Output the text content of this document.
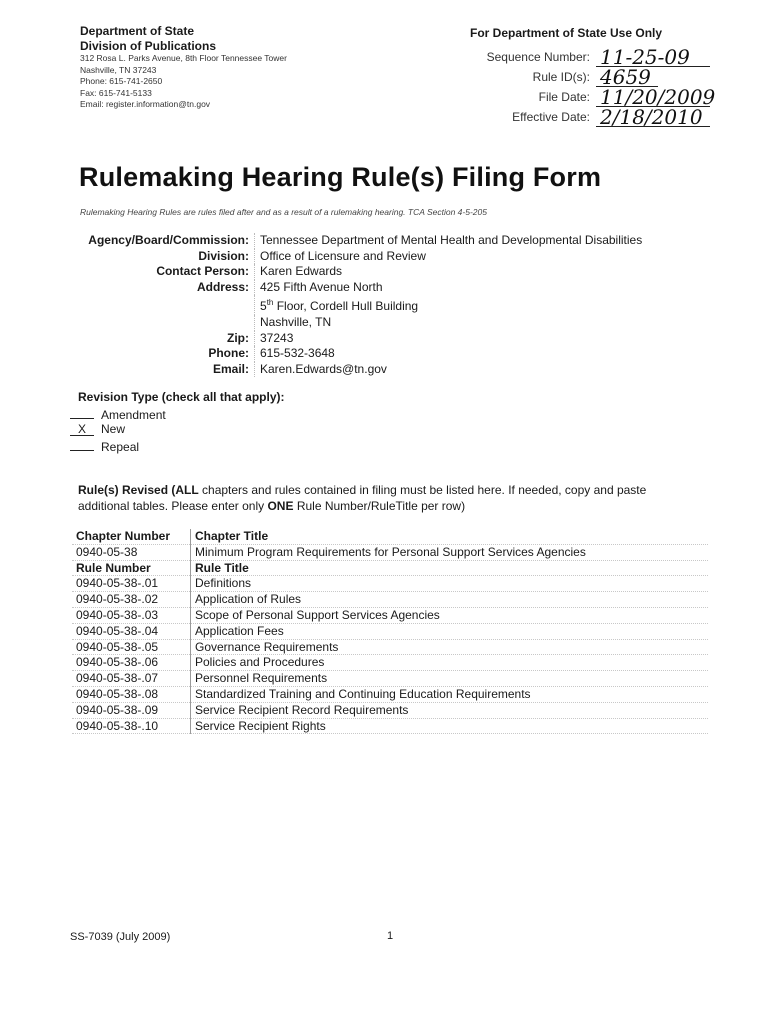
Department of State
Division of Publications
312 Rosa L. Parks Avenue, 8th Floor Tennessee Tower
Nashville, TN 37243
Phone: 615-741-2650
Fax: 615-741-5133
Email: register.information@tn.gov
For Department of State Use Only
Sequence Number: 11-25-09
Rule ID(s): 4659
File Date: 11/20/2009
Effective Date: 2/18/2010
Rulemaking Hearing Rule(s) Filing Form
Rulemaking Hearing Rules are rules filed after and as a result of a rulemaking hearing. TCA Section 4-5-205
Agency/Board/Commission:	Tennessee Department of Mental Health and Developmental Disabilities
Division:	Office of Licensure and Review
Contact Person:	Karen Edwards
Address:	425 Fifth Avenue North
	5th Floor, Cordell Hull Building
	Nashville, TN
Zip:	37243
Phone:	615-532-3648
Email:	Karen.Edwards@tn.gov
Revision Type (check all that apply):
Amendment
X New
Repeal
Rule(s) Revised (ALL chapters and rules contained in filing must be listed here. If needed, copy and paste additional tables. Please enter only ONE Rule Number/RuleTitle per row)
Chapter Number	Chapter Title
0940-05-38	Minimum Program Requirements for Personal Support Services Agencies
Rule Number	Rule Title
0940-05-38-.01	Definitions
0940-05-38-.02	Application of Rules
0940-05-38-.03	Scope of Personal Support Services Agencies
0940-05-38-.04	Application Fees
0940-05-38-.05	Governance Requirements
0940-05-38-.06	Policies and Procedures
0940-05-38-.07	Personnel Requirements
0940-05-38-.08	Standardized Training and Continuing Education Requirements
0940-05-38-.09	Service Recipient Record Requirements
0940-05-38-.10	Service Recipient Rights
SS-7039 (July 2009)	1
